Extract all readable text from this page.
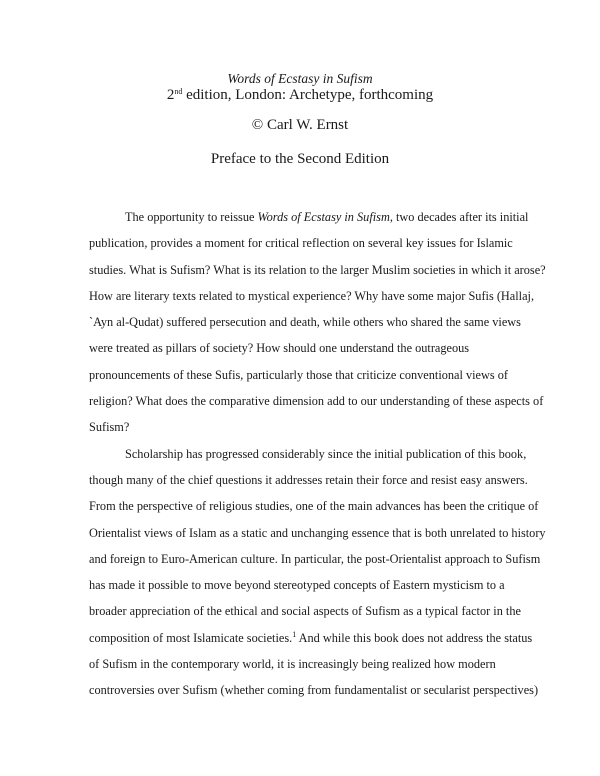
Words of Ecstasy in Sufism
2nd edition, London: Archetype, forthcoming
© Carl W. Ernst
Preface to the Second Edition

The opportunity to reissue Words of Ecstasy in Sufism, two decades after its initial
publication, provides a moment for critical reflection on several key issues for Islamic
studies. What is Sufism? What is its relation to the larger Muslim societies in which it arose?
How are literary texts related to mystical experience? Why have some major Sufis (Hallaj,
`Ayn al-Qudat) suffered persecution and death, while others who shared the same views
were treated as pillars of society? How should one understand the outrageous
pronouncements of these Sufis, particularly those that criticize conventional views of
religion? What does the comparative dimension add to our understanding of these aspects of
Sufism?

Scholarship has progressed considerably since the initial publication of this book,
though many of the chief questions it addresses retain their force and resist easy answers.
From the perspective of religious studies, one of the main advances has been the critique of
Orientalist views of Islam as a static and unchanging essence that is both unrelated to history
and foreign to Euro-American culture. In particular, the post-Orientalist approach to Sufism
has made it possible to move beyond stereotyped concepts of Eastern mysticism to a
broader appreciation of the ethical and social aspects of Sufism as a typical factor in the
composition of most Islamicate societies.$^1$ And while this book does not address the status
of Sufism in the contemporary world, it is increasingly being realized how modern
controversies over Sufism (whether coming from fundamentalist or secularist perspectives)
